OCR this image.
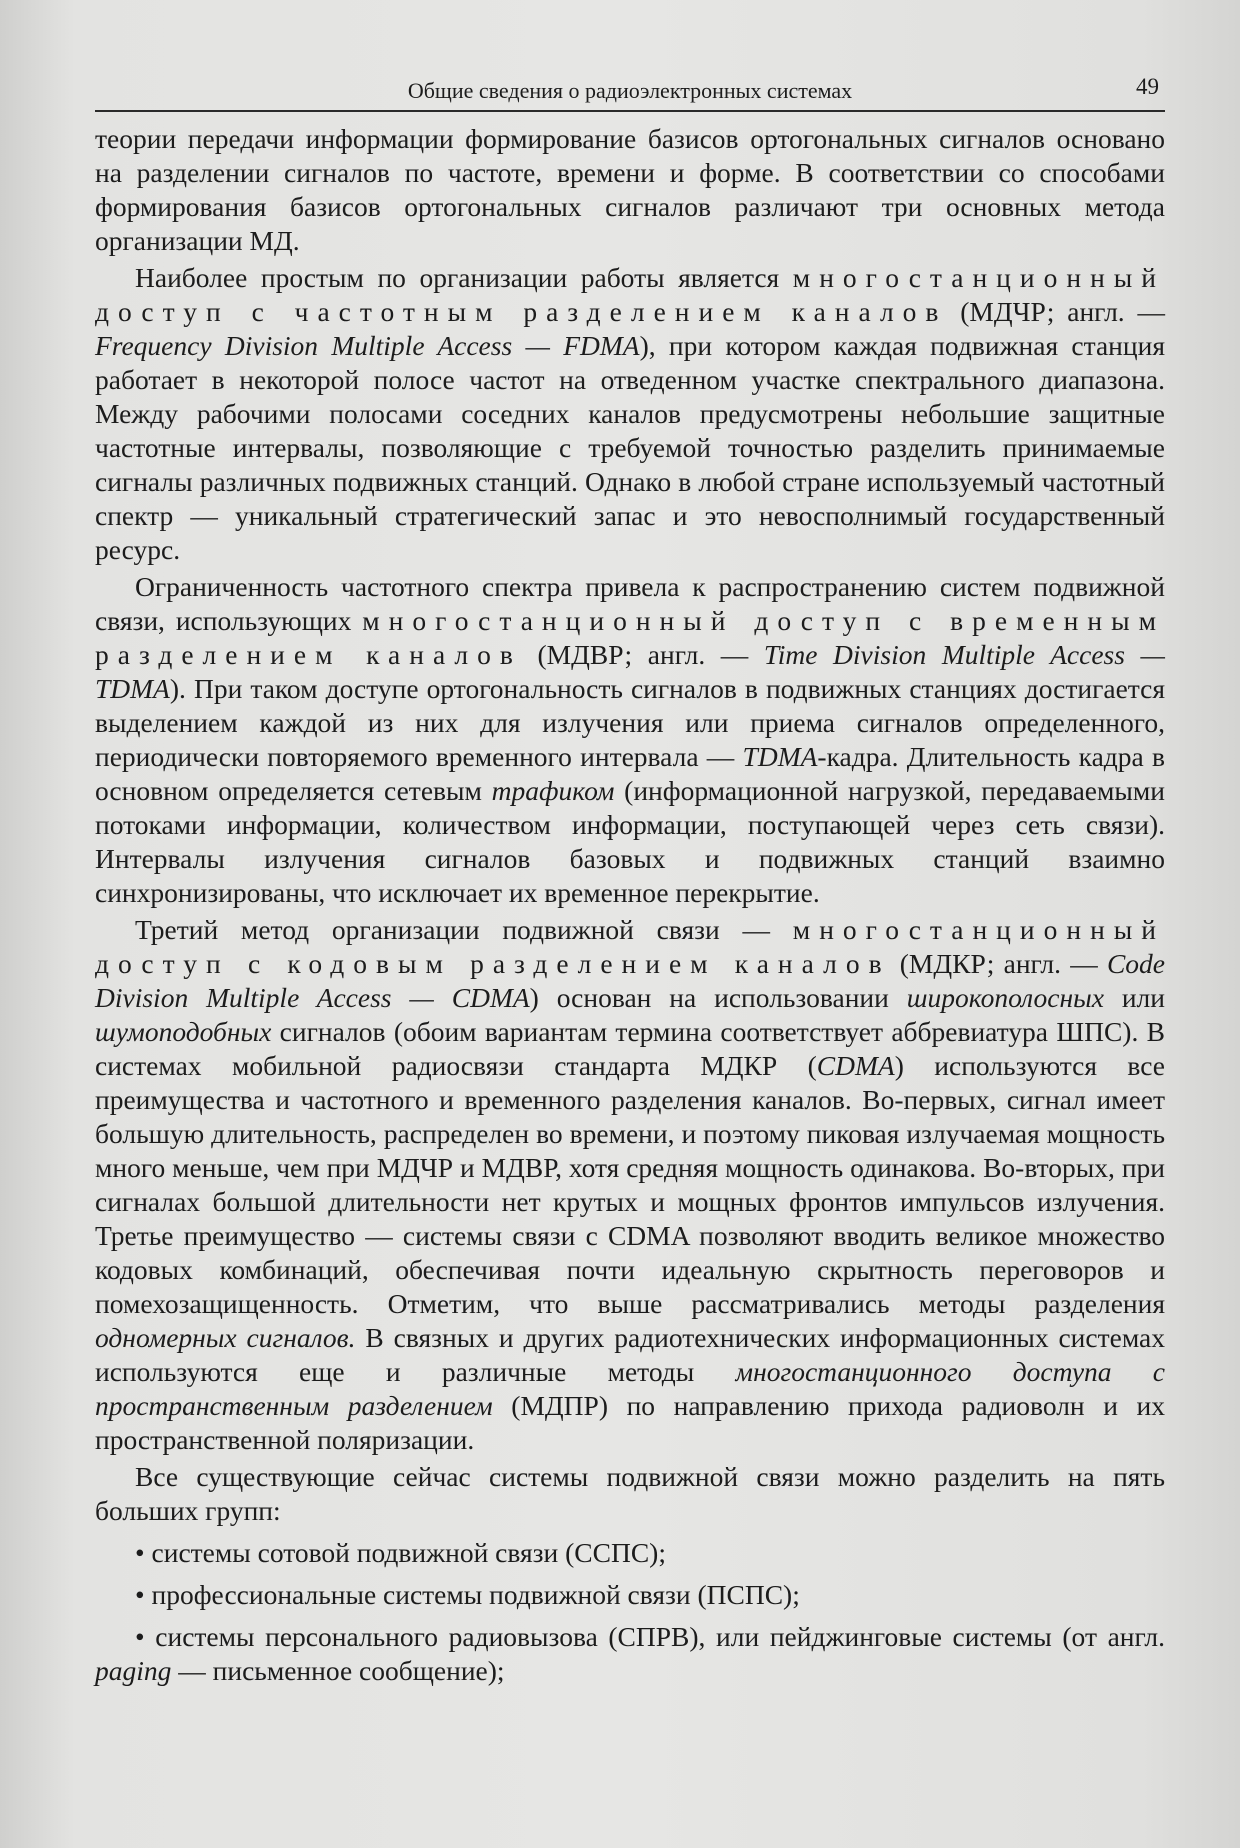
Общие сведения о радиоэлектронных системах	49

теории передачи информации формирование базисов ортогональных сигналов основано на разделении сигналов по частоте, времени и форме. В соответствии со способами формирования базисов ортогональных сигналов различают три основных метода организации МД.

Наиболее простым по организации работы является многостанционный доступ с частотным разделением каналов (МДЧР; англ. — Frequency Division Multiple Access — FDMA), при котором каждая подвижная станция работает в некоторой полосе частот на отведенном участке спектрального диапазона. Между рабочими полосами соседних каналов предусмотрены небольшие защитные частотные интервалы, позволяющие с требуемой точностью разделить принимаемые сигналы различных подвижных станций. Однако в любой стране используемый частотный спектр — уникальный стратегический запас и это невосполнимый государственный ресурс.

Ограниченность частотного спектра привела к распространению систем подвижной связи, использующих многостанционный доступ с временным разделением каналов (МДВР; англ. — Time Division Multiple Access — TDMA). При таком доступе ортогональность сигналов в подвижных станциях достигается выделением каждой из них для излучения или приема сигналов определенного, периодически повторяемого временного интервала — TDMA-кадра. Длительность кадра в основном определяется сетевым трафиком (информационной нагрузкой, передаваемыми потоками информации, количеством информации, поступающей через сеть связи). Интервалы излучения сигналов базовых и подвижных станций взаимно синхронизированы, что исключает их временное перекрытие.

Третий метод организации подвижной связи — многостанционный доступ с кодовым разделением каналов (МДКР; англ. — Code Division Multiple Access — CDMA) основан на использовании широкополосных или шумоподобных сигналов (обоим вариантам термина соответствует аббревиатура ШПС). В системах мобильной радиосвязи стандарта МДКР (CDMA) используются все преимущества и частотного и временного разделения каналов. Во-первых, сигнал имеет большую длительность, распределен во времени, и поэтому пиковая излучаемая мощность много меньше, чем при МДЧР и МДВР, хотя средняя мощность одинакова. Во-вторых, при сигналах большой длительности нет крутых и мощных фронтов импульсов излучения. Третье преимущество — системы связи с CDMA позволяют вводить великое множество кодовых комбинаций, обеспечивая почти идеальную скрытность переговоров и помехозащищенность. Отметим, что выше рассматривались методы разделения одномерных сигналов. В связных и других радиотехнических информационных системах используются еще и различные методы многостанционного доступа с пространственным разделением (МДПР) по направлению прихода радиоволн и их пространственной поляризации.

Все существующие сейчас системы подвижной связи можно разделить на пять больших групп:

• системы сотовой подвижной связи (ССПС);
• профессиональные системы подвижной связи (ПСПС);
• системы персонального радиовызова (СПРВ), или пейджинговые системы (от англ. paging — письменное сообщение);
